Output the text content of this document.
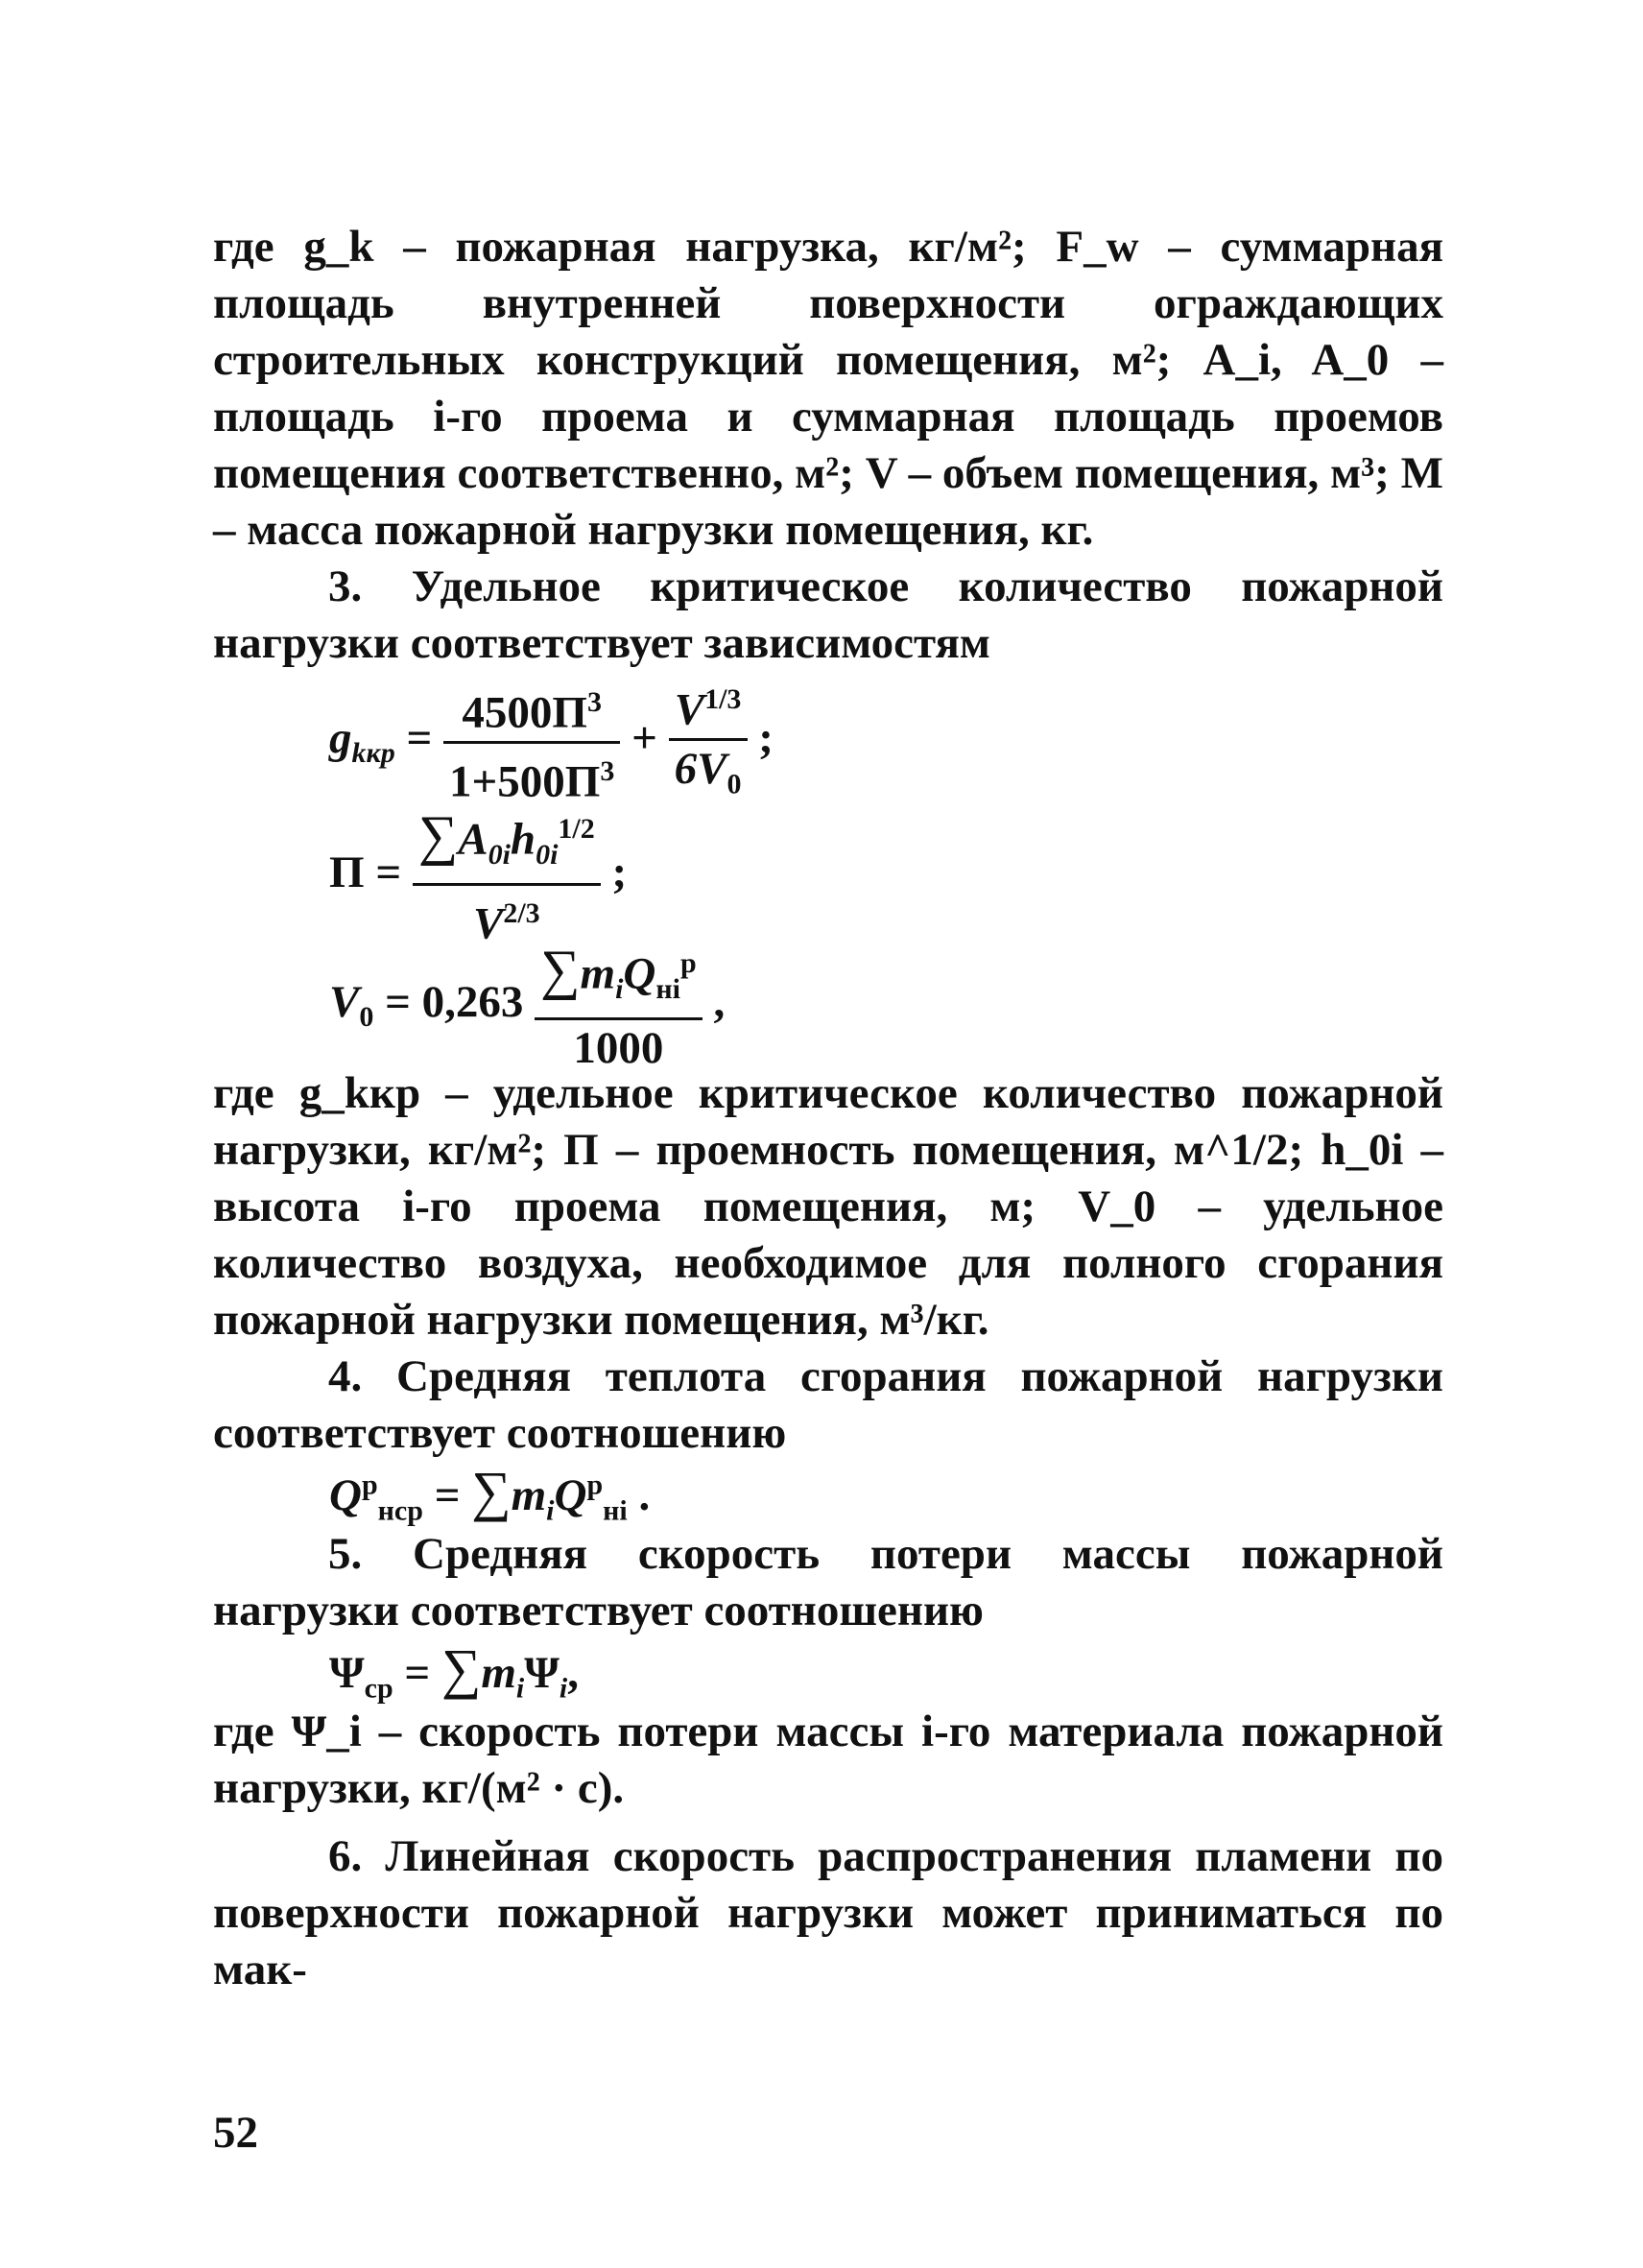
где g_k – пожарная нагрузка, кг/м²; F_w – суммарная площадь внутренней поверхности ограждающих строительных конструкций помещения, м²; A_i, A_0 – площадь i-го проема и суммарная площадь проемов помещения соответственно, м²; V – объем помещения, м³; M – масса пожарной нагрузки помещения, кг.

3. Удельное критическое количество пожарной нагрузки соответствует зависимостям

$g_{kкр} = \frac{4500П^3}{1+500П^3} + \frac{V^{1/3}}{6V_0}$ ;
$П = \frac{\sum A_{0i}h_{0i}^{1/2}}{V^{2/3}}$ ;
$V_0 = 0,263 \frac{\sum m_iQ_{нi}^р}{1000}$ ,

где g_kкр – удельное критическое количество пожарной нагрузки, кг/м²; П – проемность помещения, м^1/2; h_0i – высота i-го проема помещения, м; V_0 – удельное количество воздуха, необходимое для полного сгорания пожарной нагрузки помещения, м³/кг.

4. Средняя теплота сгорания пожарной нагрузки соответствует соотношению

$Q^р_{нср} = \sum m_iQ^р_{нi}$ .

5. Средняя скорость потери массы пожарной нагрузки соответствует соотношению

$\Psi_{ср} = \sum m_i\Psi_i$,

где Ψ_i – скорость потери массы i-го материала пожарной нагрузки, кг/(м² · с).

6. Линейная скорость распространения пламени по поверхности пожарной нагрузки может приниматься по мак-

52
